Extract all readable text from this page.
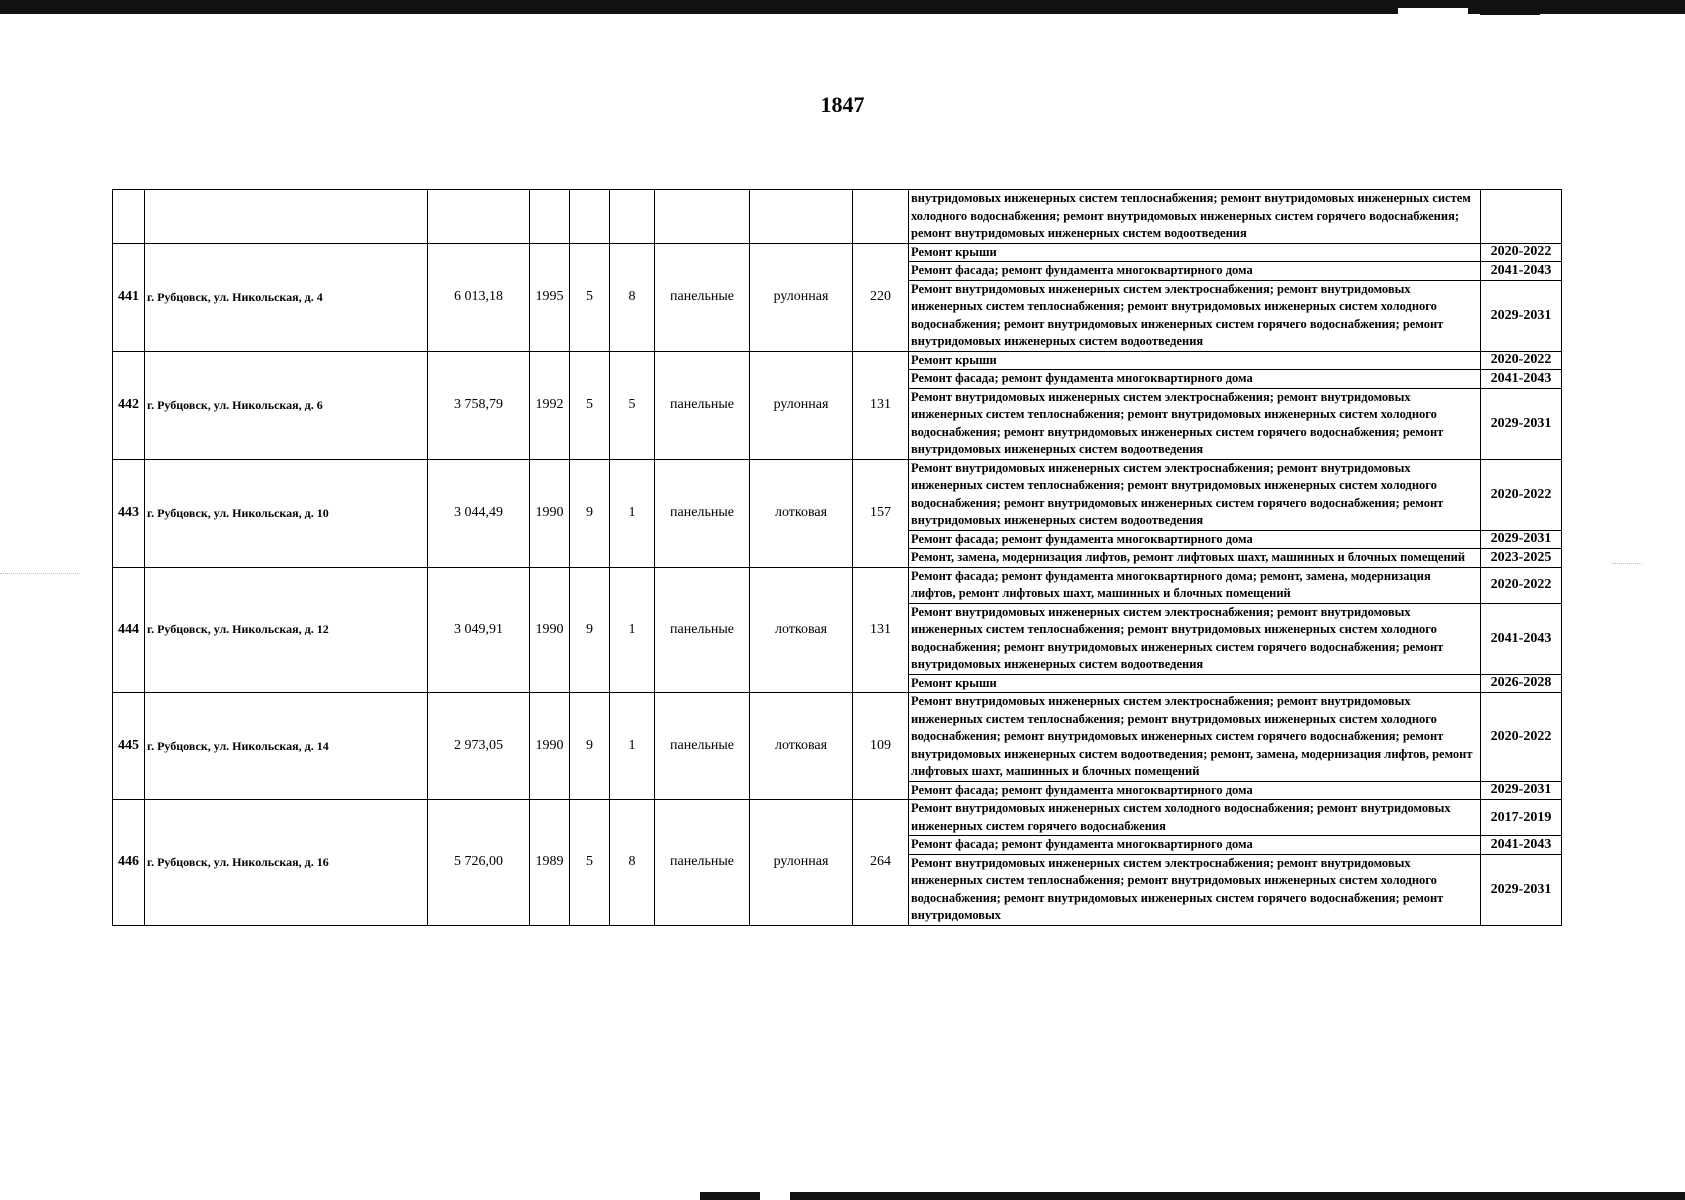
1847
									внутридомовых инженерных систем теплоснабжения; ремонт внутридомовых инженерных систем холодного водоснабжения; ремонт внутридомовых инженерных систем горячего водоснабжения; ремонт внутридомовых инженерных систем водоотведения	
441	г. Рубцовск, ул. Никольская, д. 4	6 013,18	1995	5	8	панельные	рулонная	220	Ремонт крыши	2020-2022
									Ремонт фасада; ремонт фундамента многоквартирного дома	2041-2043
									Ремонт внутридомовых инженерных систем электроснабжения; ремонт внутридомовых инженерных систем теплоснабжения; ремонт внутридомовых инженерных систем холодного водоснабжения; ремонт внутридомовых инженерных систем горячего водоснабжения; ремонт внутридомовых инженерных систем водоотведения	2029-2031
442	г. Рубцовск, ул. Никольская, д. 6	3 758,79	1992	5	5	панельные	рулонная	131	Ремонт крыши	2020-2022
									Ремонт фасада; ремонт фундамента многоквартирного дома	2041-2043
									Ремонт внутридомовых инженерных систем электроснабжения; ремонт внутридомовых инженерных систем теплоснабжения; ремонт внутридомовых инженерных систем холодного водоснабжения; ремонт внутридомовых инженерных систем горячего водоснабжения; ремонт внутридомовых инженерных систем водоотведения	2029-2031
443	г. Рубцовск, ул. Никольская, д. 10	3 044,49	1990	9	1	панельные	лотковая	157	Ремонт внутридомовых инженерных систем электроснабжения; ремонт внутридомовых инженерных систем теплоснабжения; ремонт внутридомовых инженерных систем холодного водоснабжения; ремонт внутридомовых инженерных систем горячего водоснабжения; ремонт внутридомовых инженерных систем водоотведения	2020-2022
									Ремонт фасада; ремонт фундамента многоквартирного дома	2029-2031
									Ремонт, замена, модернизация лифтов, ремонт лифтовых шахт, машинных и блочных помещений	2023-2025
444	г. Рубцовск, ул. Никольская, д. 12	3 049,91	1990	9	1	панельные	лотковая	131	Ремонт фасада; ремонт фундамента многоквартирного дома; ремонт, замена, модернизация лифтов, ремонт лифтовых шахт, машинных и блочных помещений	2020-2022
									Ремонт внутридомовых инженерных систем электроснабжения; ремонт внутридомовых инженерных систем теплоснабжения; ремонт внутридомовых инженерных систем холодного водоснабжения; ремонт внутридомовых инженерных систем горячего водоснабжения; ремонт внутридомовых инженерных систем водоотведения	2041-2043
									Ремонт крыши	2026-2028
445	г. Рубцовск, ул. Никольская, д. 14	2 973,05	1990	9	1	панельные	лотковая	109	Ремонт внутридомовых инженерных систем электроснабжения; ремонт внутридомовых инженерных систем теплоснабжения; ремонт внутридомовых инженерных систем холодного водоснабжения; ремонт внутридомовых инженерных систем горячего водоснабжения; ремонт внутридомовых инженерных систем водоотведения; ремонт, замена, модернизация лифтов, ремонт лифтовых шахт, машинных и блочных помещений	2020-2022
									Ремонт фасада; ремонт фундамента многоквартирного дома	2029-2031
446	г. Рубцовск, ул. Никольская, д. 16	5 726,00	1989	5	8	панельные	рулонная	264	Ремонт внутридомовых инженерных систем холодного водоснабжения; ремонт внутридомовых инженерных систем горячего водоснабжения	2017-2019
									Ремонт фасада; ремонт фундамента многоквартирного дома	2041-2043
									Ремонт внутридомовых инженерных систем электроснабжения; ремонт внутридомовых инженерных систем теплоснабжения; ремонт внутридомовых инженерных систем холодного водоснабжения; ремонт внутридомовых инженерных систем горячего водоснабжения; ремонт внутридомовых	2029-2031
